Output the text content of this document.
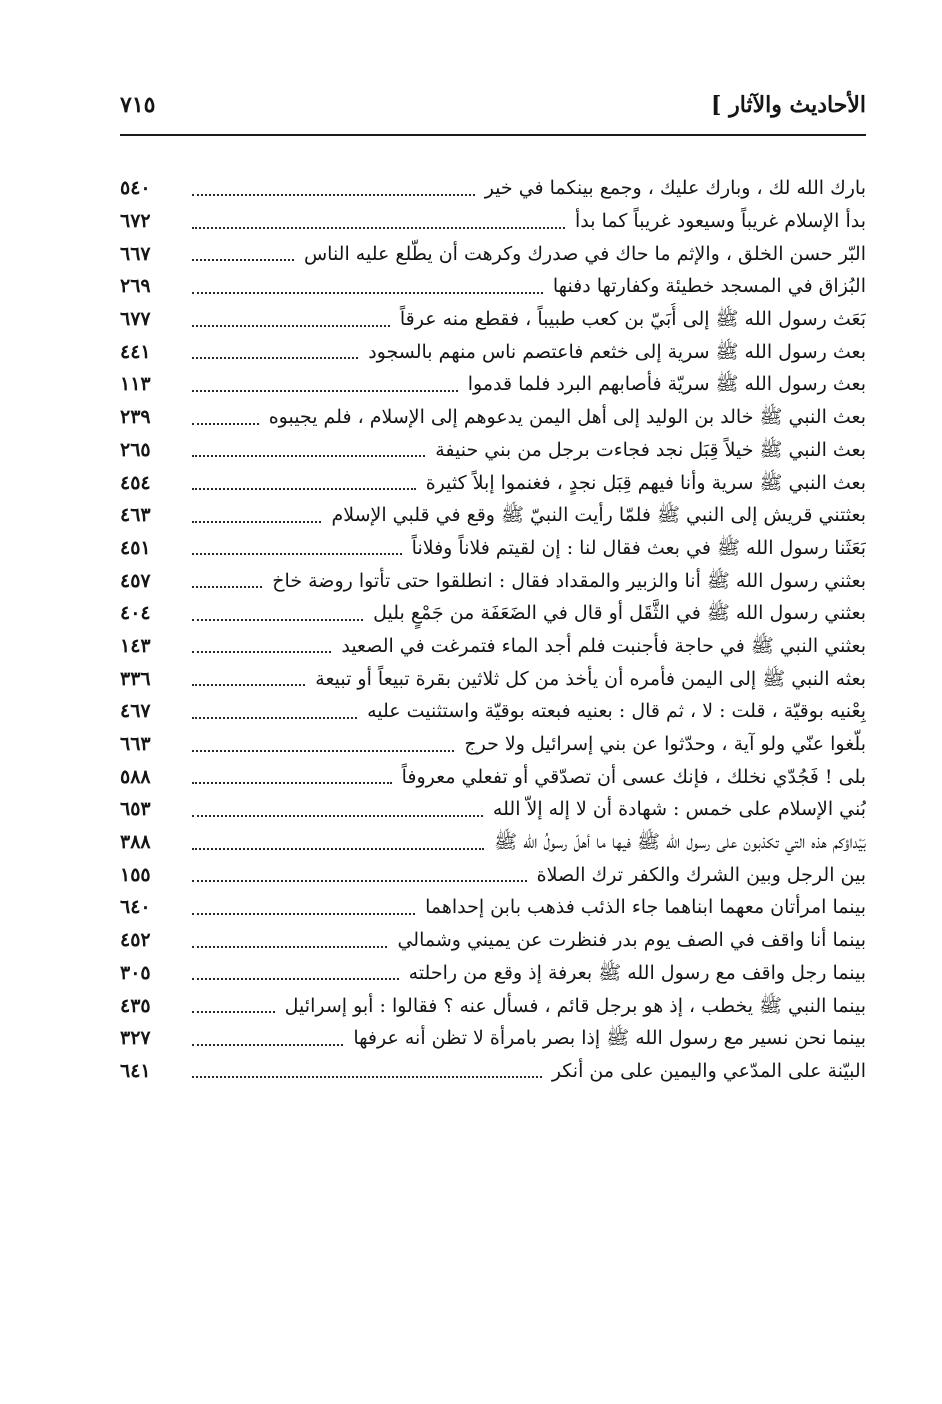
الأحاديث والآثار ]
٧١٥
بارك الله لك ، وبارك عليك ، وجمع بينكما في خير
٥٤٠
بدأ الإسلام غريباً وسيعود غريباً كما بدأ
٦٧٢
البّر حسن الخلق ، والإثم ما حاك في صدرك وكرهت أن يطّلع عليه الناس
٦٦٧
البُزاق في المسجد خطيئة وكفارتها دفنها
٢٦٩
بَعَث رسول الله ﷺ إلى أُبَيّ بن كعب طبيباً ، فقطع منه عرقاً
٦٧٧
بعث رسول الله ﷺ سرية إلى خثعم فاعتصم ناس منهم بالسجود
٤٤١
بعث رسول الله ﷺ سريّة فأصابهم البرد فلما قدموا
١١٣
بعث النبي ﷺ خالد بن الوليد إلى أهل اليمن يدعوهم إلى الإسلام ، فلم يجيبوه
٢٣٩
بعث النبي ﷺ خيلاً قِبَل نجد فجاءت برجل من بني حنيفة
٢٦٥
بعث النبي ﷺ سرية وأنا فيهم قِبَل نجدٍ ، فغنموا إبلاً كثيرة
٤٥٤
بعثتني قريش إلى النبي ﷺ فلمّا رأيت النبيّ ﷺ وقع في قلبي الإسلام
٤٦٣
بَعَثَنا رسول الله ﷺ في بعث فقال لنا : إن لقيتم فلاناً وفلاناً
٤٥١
بعثني رسول الله ﷺ أنا والزبير والمقداد فقال : انطلقوا حتى تأتوا روضة خاخ
٤٥٧
بعثني رسول الله ﷺ في الثَّقَل أو قال في الضَعَفَة من جَمْعٍ بليل
٤٠٤
بعثني النبي ﷺ في حاجة فأجنبت فلم أجد الماء فتمرغت في الصعيد
١٤٣
بعثه النبي ﷺ إلى اليمن فأمره أن يأخذ من كل ثلاثين بقرة تبيعاً أو تبيعة
٣٣٦
بِعْنيه بوقيّة ، قلت : لا ، ثم قال : بعنيه فبعته بوقيّة واستثنيت عليه
٤٦٧
بلّغوا عنّي ولو آية ، وحدّثوا عن بني إسرائيل ولا حرج
٦٦٣
بلى ! فَجُدّي نخلك ، فإنك عسى أن تصدّقي أو تفعلي معروفاً
٥٨٨
بُني الإسلام على خمس : شهادة أن لا إله إلاّ الله
٦٥٣
بَيْداؤكم هذه التي تكذبون على رسول الله ﷺ فيها ما أهلّ رسولُ الله ﷺ
٣٨٨
بين الرجل وبين الشرك والكفر ترك الصلاة
١٥٥
بينما امرأتان معهما ابناهما جاء الذئب فذهب بابن إحداهما
٦٤٠
بينما أنا واقف في الصف يوم بدر فنظرت عن يميني وشمالي
٤٥٢
بينما رجل واقف مع رسول الله ﷺ بعرفة إذ وقع من راحلته
٣٠٥
بينما النبي ﷺ يخطب ، إذ هو برجل قائم ، فسأل عنه ؟ فقالوا : أبو إسرائيل
٤٣٥
بينما نحن نسير مع رسول الله ﷺ إذا بصر بامرأة لا تظن أنه عرفها
٣٢٧
البيّنة على المدّعي واليمين على من أنكر
٦٤١
